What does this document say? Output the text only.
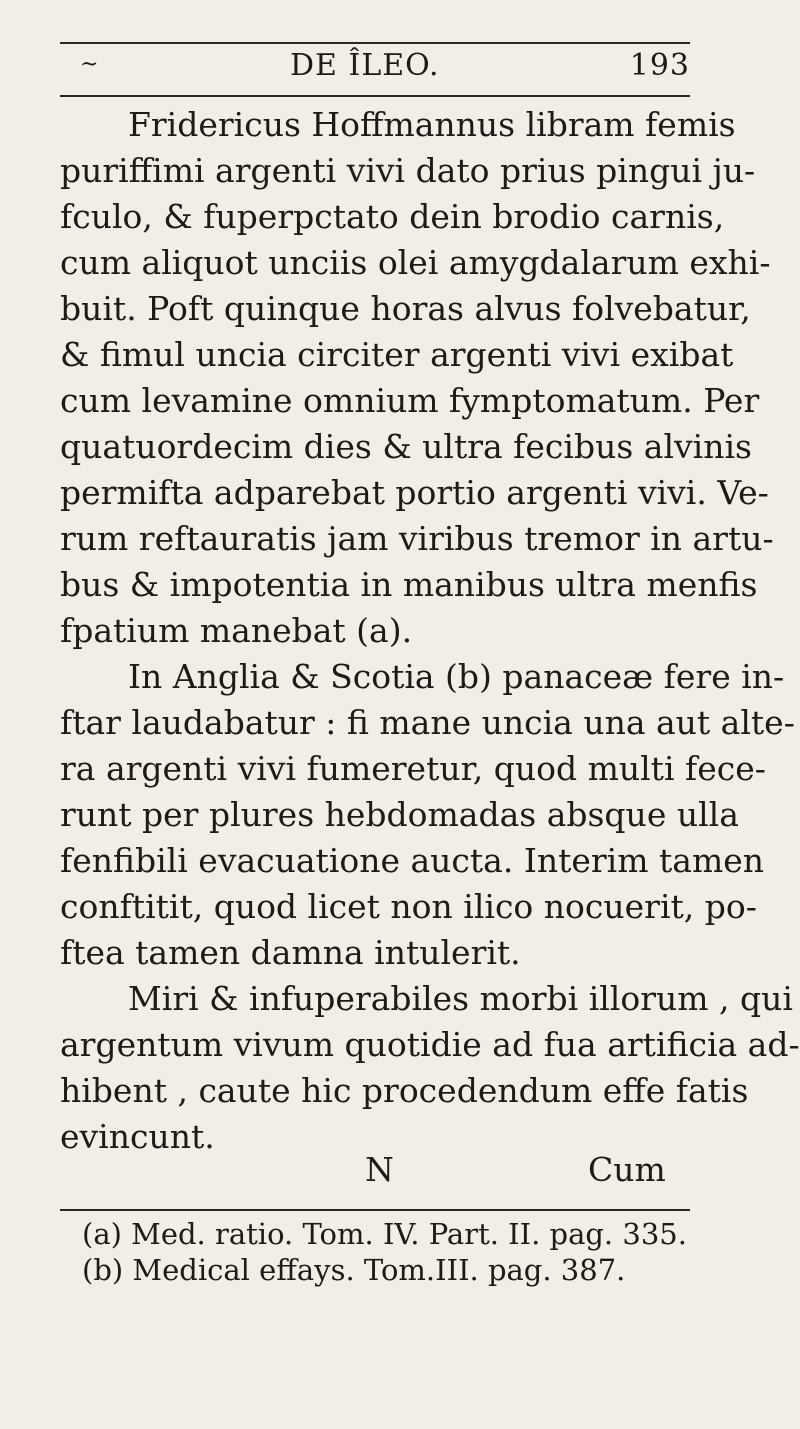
~	DE ÎLEO.	193
Fridericus Hoffmannus libram femis
puriffimi argenti vivi dato prius pingui ju-
fculo, & fuperpctato dein brodio carnis,
cum aliquot unciis olei amygdalarum exhi-
buit. Poft quinque horas alvus folvebatur,
& fimul uncia circiter argenti vivi exibat
cum levamine omnium fymptomatum. Per
quatuordecim dies & ultra fecibus alvinis
permifta adparebat portio argenti vivi. Ve-
rum reftauratis jam viribus tremor in artu-
bus & impotentia in manibus ultra menfis
fpatium manebat (a).
In Anglia & Scotia (b) panaceæ fere in-
ftar laudabatur : fi mane uncia una aut alte-
ra argenti vivi fumeretur, quod multi fece-
runt per plures hebdomadas absque ulla
fenfibili evacuatione aucta. Interim tamen
conftitit, quod licet non ilico nocuerit, po-
ftea tamen damna intulerit.
Miri & infuperabiles morbi illorum , qui
argentum vivum quotidie ad fua artificia ad-
hibent , caute hic procedendum effe fatis
evincunt.
N	Cum
(a) Med. ratio. Tom. IV. Part. II. pag. 335.
(b) Medical effays. Tom.III. pag. 387.
